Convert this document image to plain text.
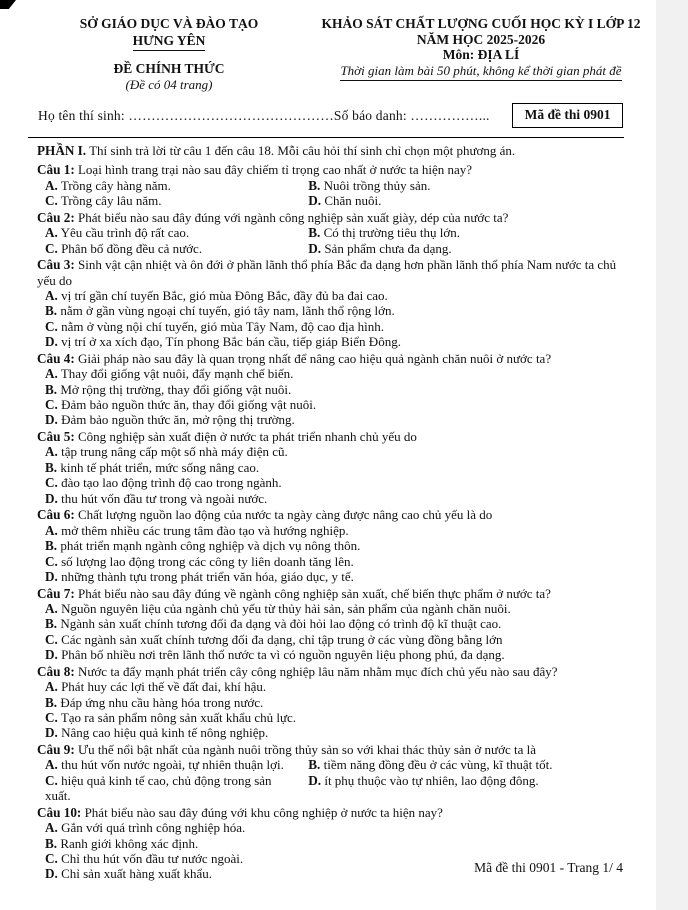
SỞ GIÁO DỤC VÀ ĐÀO TẠO
HƯNG YÊN
ĐỀ CHÍNH THỨC
(Đề có 04 trang)
KHẢO SÁT CHẤT LƯỢNG CUỐI HỌC KỲ I LỚP 12
NĂM HỌC 2025-2026
Môn: ĐỊA LÍ
Thời gian làm bài 50 phút, không kể thời gian phát đề
Họ tên thí sinh: ………………………………………Số báo danh: ……………...	Mã đề thi 0901
PHẦN I. Thí sinh trả lời từ câu 1 đến câu 18. Mỗi câu hỏi thí sinh chỉ chọn một phương án.
Câu 1: Loại hình trang trại nào sau đây chiếm tỉ trọng cao nhất ở nước ta hiện nay?
A. Trồng cây hàng năm.	B. Nuôi trồng thủy sản.
C. Trồng cây lâu năm.	D. Chăn nuôi.
Câu 2: Phát biểu nào sau đây đúng với ngành công nghiệp sản xuất giày, dép của nước ta?
A. Yêu cầu trình độ rất cao.	B. Có thị trường tiêu thụ lớn.
C. Phân bố đồng đều cả nước.	D. Sản phẩm chưa đa dạng.
Câu 3: Sinh vật cận nhiệt và ôn đới ở phần lãnh thổ phía Bắc đa dạng hơn phần lãnh thổ phía Nam nước ta chủ yếu do
A. vị trí gần chí tuyến Bắc, gió mùa Đông Bắc, đầy đủ ba đai cao.
B. nằm ở gần vùng ngoại chí tuyến, gió tây nam, lãnh thổ rộng lớn.
C. nằm ở vùng nội chí tuyến, gió mùa Tây Nam, độ cao địa hình.
D. vị trí ở xa xích đạo, Tín phong Bắc bán cầu, tiếp giáp Biển Đông.
Câu 4: Giải pháp nào sau đây là quan trọng nhất để nâng cao hiệu quả ngành chăn nuôi ở nước ta?
A. Thay đổi giống vật nuôi, đẩy mạnh chế biến.
B. Mở rộng thị trường, thay đổi giống vật nuôi.
C. Đảm bảo nguồn thức ăn, thay đổi giống vật nuôi.
D. Đảm bảo nguồn thức ăn, mở rộng thị trường.
Câu 5: Công nghiệp sản xuất điện ở nước ta phát triển nhanh chủ yếu do
A. tập trung nâng cấp một số nhà máy điện cũ.
B. kinh tế phát triển, mức sống nâng cao.
C. đào tạo lao động trình độ cao trong ngành.
D. thu hút vốn đầu tư trong và ngoài nước.
Câu 6: Chất lượng nguồn lao động của nước ta ngày càng được nâng cao chủ yếu là do
A. mở thêm nhiều các trung tâm đào tạo và hướng nghiệp.
B. phát triển mạnh ngành công nghiệp và dịch vụ nông thôn.
C. số lượng lao động trong các công ty liên doanh tăng lên.
D. những thành tựu trong phát triển văn hóa, giáo dục, y tế.
Câu 7: Phát biểu nào sau đây đúng về ngành công nghiệp sản xuất, chế biến thực phẩm ở nước ta?
A. Nguồn nguyên liệu của ngành chủ yếu từ thủy hải sản, sản phẩm của ngành chăn nuôi.
B. Ngành sản xuất chính tương đối đa dạng và đòi hỏi lao động có trình độ kĩ thuật cao.
C. Các ngành sản xuất chính tương đối đa dạng, chỉ tập trung ở các vùng đồng bằng lớn
D. Phân bố nhiều nơi trên lãnh thổ nước ta vì có nguồn nguyên liệu phong phú, đa dạng.
Câu 8: Nước ta đẩy mạnh phát triển cây công nghiệp lâu năm nhằm mục đích chủ yếu nào sau đây?
A. Phát huy các lợi thế về đất đai, khí hậu.
B. Đáp ứng nhu cầu hàng hóa trong nước.
C. Tạo ra sản phẩm nông sản xuất khẩu chủ lực.
D. Nâng cao hiệu quả kinh tế nông nghiệp.
Câu 9: Ưu thế nổi bật nhất của ngành nuôi trồng thủy sản so với khai thác thủy sản ở nước ta là
A. thu hút vốn nước ngoài, tự nhiên thuận lợi.	B. tiềm năng đồng đều ở các vùng, kĩ thuật tốt.
C. hiệu quả kinh tế cao, chủ động trong sản xuất.
D. ít phụ thuộc vào tự nhiên, lao động đông.
Câu 10: Phát biểu nào sau đây đúng với khu công nghiệp ở nước ta hiện nay?
A. Gắn với quá trình công nghiệp hóa.
B. Ranh giới không xác định.
C. Chỉ thu hút vốn đầu tư nước ngoài.
D. Chỉ sản xuất hàng xuất khẩu.	Mã đề thi 0901 - Trang 1/ 4
